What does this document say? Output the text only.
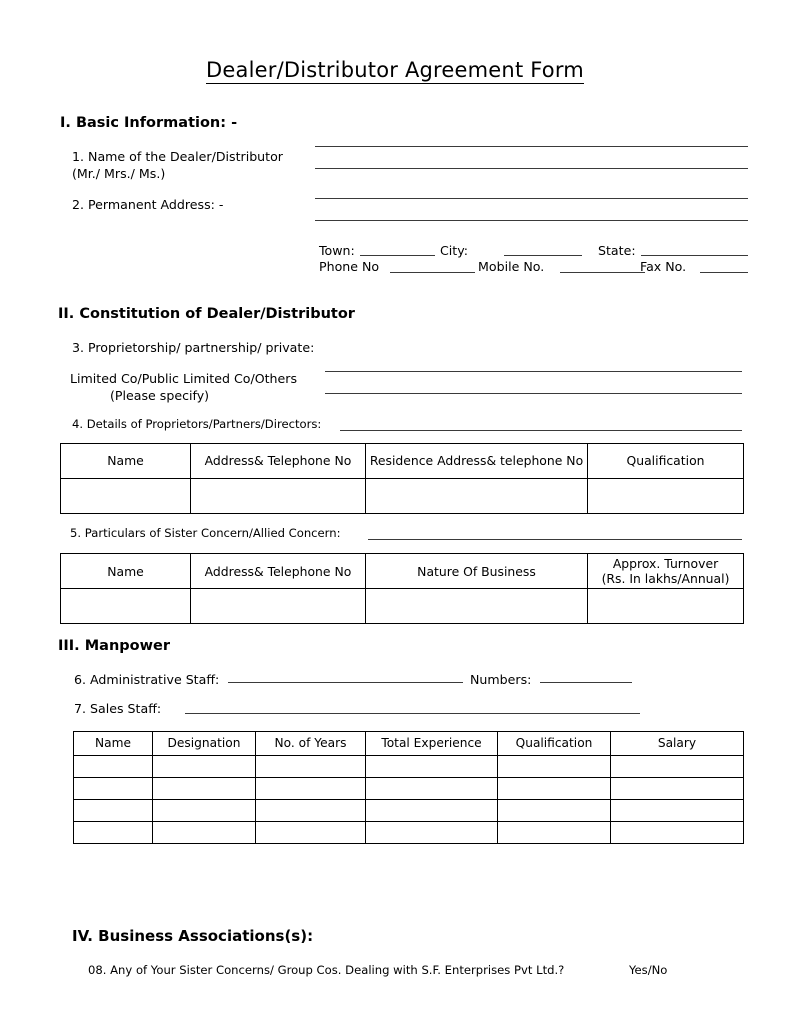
Dealer/Distributor Agreement Form
I. Basic Information: -
1. Name of the Dealer/Distributor
(Mr./ Mrs./ Ms.)
2. Permanent Address: -
Town:	City:	State:
Phone No	Mobile No.	Fax No.
II. Constitution of Dealer/Distributor
3. Proprietorship/ partnership/ private:
Limited Co/Public Limited Co/Others
(Please specify)
4. Details of Proprietors/Partners/Directors:
Name	Address& Telephone No	Residence Address& telephone No	Qualification

5. Particulars of Sister Concern/Allied Concern:
Name	Address& Telephone No	Nature Of Business	Approx. Turnover
(Rs. In lakhs/Annual)

III. Manpower
6. Administrative Staff:	Numbers:
7. Sales Staff:
Name	Designation	No. of Years	Total Experience	Qualification	Salary

IV. Business Associations(s):
08. Any of Your Sister Concerns/ Group Cos. Dealing with S.F. Enterprises Pvt Ltd.?	Yes/No
